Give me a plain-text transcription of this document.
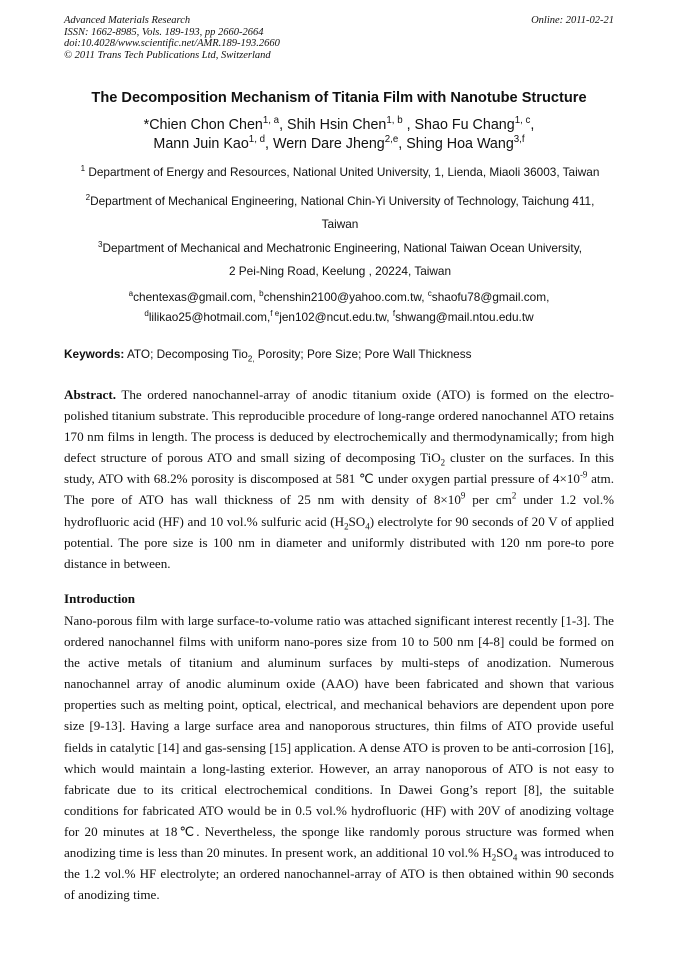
Advanced Materials Research
ISSN: 1662-8985, Vols. 189-193, pp 2660-2664
doi:10.4028/www.scientific.net/AMR.189-193.2660
© 2011 Trans Tech Publications Ltd, Switzerland
Online: 2011-02-21
The Decomposition Mechanism of Titania Film with Nanotube Structure
*Chien Chon Chen$^{1, a}$, Shih Hsin Chen$^{1, b}$ , Shao Fu Chang$^{1, c}$,
Mann Juin Kao$^{1, d}$, Wern Dare Jheng$^{2,e}$, Shing Hoa Wang$^{3,f}$
$^1$ Department of Energy and Resources, National United University, 1, Lienda, Miaoli 36003, Taiwan
$^2$Department of Mechanical Engineering, National Chin-Yi University of Technology, Taichung 411,
Taiwan
$^3$Department of Mechanical and Mechatronic Engineering, National Taiwan Ocean University,
2 Pei-Ning Road, Keelung , 20224, Taiwan
$^a$chentexas@gmail.com, $^b$chenshin2100@yahoo.com.tw, $^c$shaofu78@gmail.com,
$^d$lilikao25@hotmail.com,$^{f e}$jen102@ncut.edu.tw, $^f$shwang@mail.ntou.edu.tw
Keywords: ATO; Decomposing Tio$_{2,}$ Porosity; Pore Size; Pore Wall Thickness

Abstract. The ordered nanochannel-array of anodic titanium oxide (ATO) is formed on the electro-polished titanium substrate. This reproducible procedure of long-range ordered nanochannel ATO retains 170 nm films in length. The process is deduced by electrochemically and thermodynamically; from high defect structure of porous ATO and small sizing of decomposing TiO$_2$ cluster on the surfaces. In this study, ATO with 68.2% porosity is discomposed at 581 ℃ under oxygen partial pressure of $4\times 10^{-9}$ atm. The pore of ATO has wall thickness of 25 nm with density of $8\times 10^9$ per $cm^2$ under 1.2 vol.% hydrofluoric acid (HF) and 10 vol.% sulfuric acid $(H_2SO_4)$ electrolyte for 90 seconds of 20 V of applied potential. The pore size is 100 nm in diameter and uniformly distributed with 120 nm pore-to pore distance in between.

Introduction

Nano-porous film with large surface-to-volume ratio was attached significant interest recently [1-3]. The ordered nanochannel films with uniform nano-pores size from 10 to 500 nm [4-8] could be formed on the active metals of titanium and aluminum surfaces by multi-steps of anodization. Numerous nanochannel array of anodic aluminum oxide (AAO) have been fabricated and shown that various properties such as melting point, optical, electrical, and mechanical behaviors are dependent upon pore size [9-13]. Having a large surface area and nanoporous structures, thin films of ATO provide useful fields in catalytic [14] and gas-sensing [15] application. A dense ATO is proven to be anti-corrosion [16], which would maintain a long-lasting exterior. However, an array nanoporous of ATO is not easy to fabricate due to its critical electrochemical conditions. In Dawei Gong’s report [8], the suitable conditions for fabricated ATO would be in 0.5 vol.% hydrofluoric (HF) with 20V of anodizing voltage for 20 minutes at 18℃. Nevertheless, the sponge like randomly porous structure was formed when anodizing time is less than 20 minutes. In present work, an additional 10 vol.% $H_2SO_4$ was introduced to the 1.2 vol.% HF electrolyte; an ordered nanochannel-array of ATO is then obtained within 90 seconds of anodizing time.
